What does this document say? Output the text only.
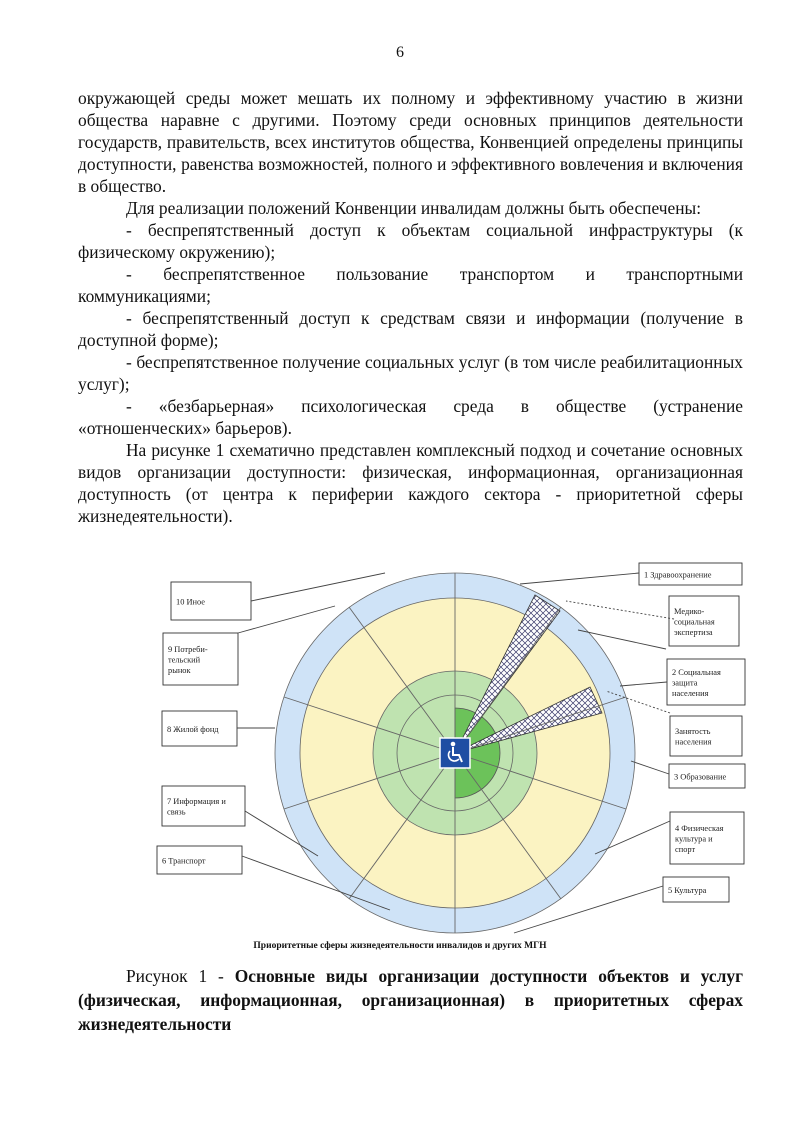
6

окружающей среды может мешать их полному и эффективному участию в жизни общества наравне с другими. Поэтому среди основных принципов деятельности государств, правительств, всех институтов общества, Конвенцией определены принципы доступности, равенства возможностей, полного и эффективного вовлечения и включения в общество.

Для реализации положений Конвенции инвалидам должны быть обеспечены:

- беспрепятственный доступ к объектам социальной инфраструктуры (к физическому окружению);

- беспрепятственное пользование транспортом и транспортными коммуникациями;

- беспрепятственный доступ к средствам связи и информации (получение в доступной форме);

- беспрепятственное получение социальных услуг (в том числе реабилитационных услуг);

- «безбарьерная» психологическая среда в обществе (устранение «отношенческих» барьеров).

На рисунке 1 схематично представлен комплексный подход и сочетание основных видов организации доступности: физическая, информационная, организационная доступность (от центра к периферии каждого сектора - приоритетной сферы жизнедеятельности).

10 Иное
9 Потреби-тельский рынок
8 Жилой фонд
7 Информация и связь
6 Транспорт
1 Здравоохранение
Медико-социальная экспертиза
2 Социальная защита населения
Занятость населения
3 Образование
4 Физическая культура и спорт
5 Культура
Приоритетные сферы жизнедеятельности инвалидов и других МГН

Рисунок 1 - Основные виды организации доступности объектов и услуг (физическая, информационная, организационная) в приоритетных сферах жизнедеятельности
